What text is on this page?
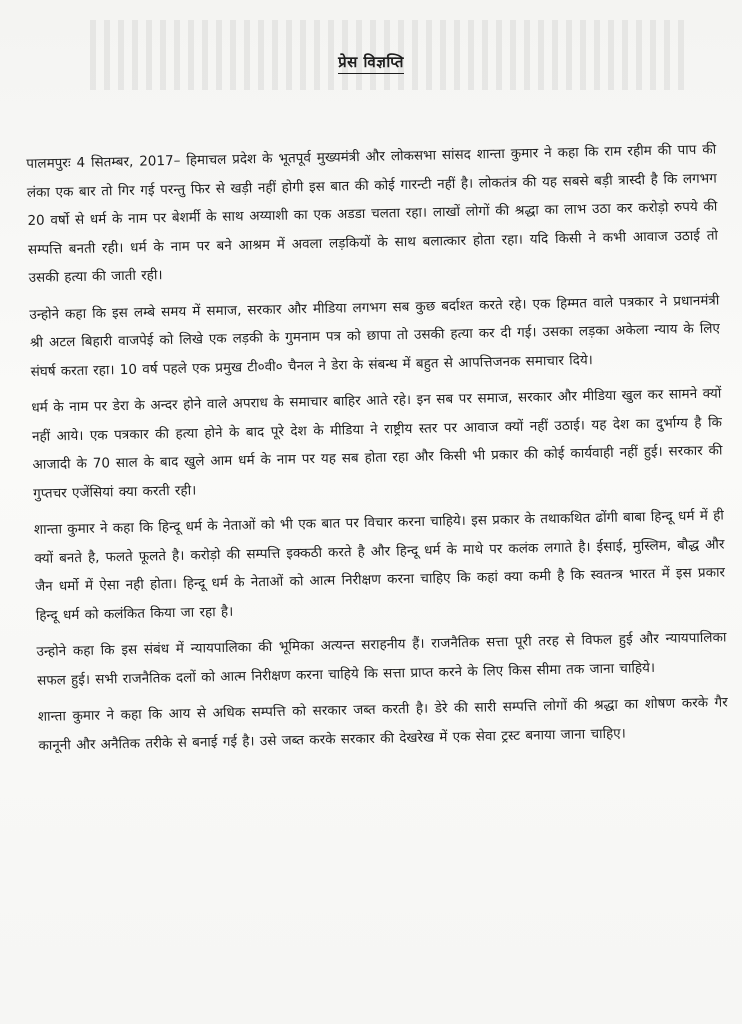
प्रेस विज्ञप्ति

पालमपुरः 4 सितम्बर, 2017– हिमाचल प्रदेश के भूतपूर्व मुख्यमंत्री और लोकसभा सांसद शान्ता कुमार ने कहा कि राम रहीम की पाप की लंका एक बार तो गिर गई परन्तु फिर से खड़ी नहीं होगी इस बात की कोई गारन्टी नहीं है। लोकतंत्र की यह सबसे बड़ी त्रास्दी है कि लगभग 20 वर्षो से धर्म के नाम पर बेशर्मी के साथ अय्याशी का एक अडडा चलता रहा। लाखों लोगों की श्रद्धा का लाभ उठा कर करोड़ो रुपये की सम्पत्ति बनती रही। धर्म के नाम पर बने आश्रम में अवला लड़कियों के साथ बलात्कार होता रहा। यदि किसी ने कभी आवाज उठाई तो उसकी हत्या की जाती रही।

उन्होने कहा कि इस लम्बे समय में समाज, सरकार और मीडिया लगभग सब कुछ बर्दाश्त करते रहे। एक हिम्मत वाले पत्रकार ने प्रधानमंत्री श्री अटल बिहारी वाजपेई को लिखे एक लड़की के गुमनाम पत्र को छापा तो उसकी हत्या कर दी गई। उसका लड़का अकेला न्याय के लिए संघर्ष करता रहा। 10 वर्ष पहले एक प्रमुख टी०वी० चैनल ने डेरा के संबन्ध में बहुत से आपत्तिजनक समाचार दिये।

धर्म के नाम पर डेरा के अन्दर होने वाले अपराध के समाचार बाहिर आते रहे। इन सब पर समाज, सरकार और मीडिया खुल कर सामने क्यों नहीं आये। एक पत्रकार की हत्या होने के बाद पूरे देश के मीडिया ने राष्ट्रीय स्तर पर आवाज क्यों नहीं उठाई। यह देश का दुर्भाग्य है कि आजादी के 70 साल के बाद खुले आम धर्म के नाम पर यह सब होता रहा और किसी भी प्रकार की कोई कार्यवाही नहीं हुई। सरकार की गुप्तचर एजेंसियां क्या करती रही।

शान्ता कुमार ने कहा कि हिन्दू धर्म के नेताओं को भी एक बात पर विचार करना चाहिये। इस प्रकार के तथाकथित ढोंगी बाबा हिन्दू धर्म में ही क्यों बनते है, फलते फूलते है। करोड़ो की सम्पत्ति इक्कठी करते है और हिन्दू धर्म के माथे पर कलंक लगाते है। ईसाई, मुस्लिम, बौद्ध और जैन धर्मो में ऐसा नही होता। हिन्दू धर्म के नेताओं को आत्म निरीक्षण करना चाहिए कि कहां क्या कमी है कि स्वतन्त्र भारत में इस प्रकार हिन्दू धर्म को कलंकित किया जा रहा है।

उन्होने कहा कि इस संबंध में न्यायपालिका की भूमिका अत्यन्त सराहनीय हैं। राजनैतिक सत्ता पूरी तरह से विफल हुई और न्यायपालिका सफल हुई। सभी राजनैतिक दलों को आत्म निरीक्षण करना चाहिये कि सत्ता प्राप्त करने के लिए किस सीमा तक जाना चाहिये।

शान्ता कुमार ने कहा कि आय से अधिक सम्पत्ति को सरकार जब्त करती है। डेरे की सारी सम्पत्ति लोगों की श्रद्धा का शोषण करके गैर कानूनी और अनैतिक तरीके से बनाई गई है। उसे जब्त करके सरकार की देखरेख में एक सेवा ट्रस्ट बनाया जाना चाहिए।
